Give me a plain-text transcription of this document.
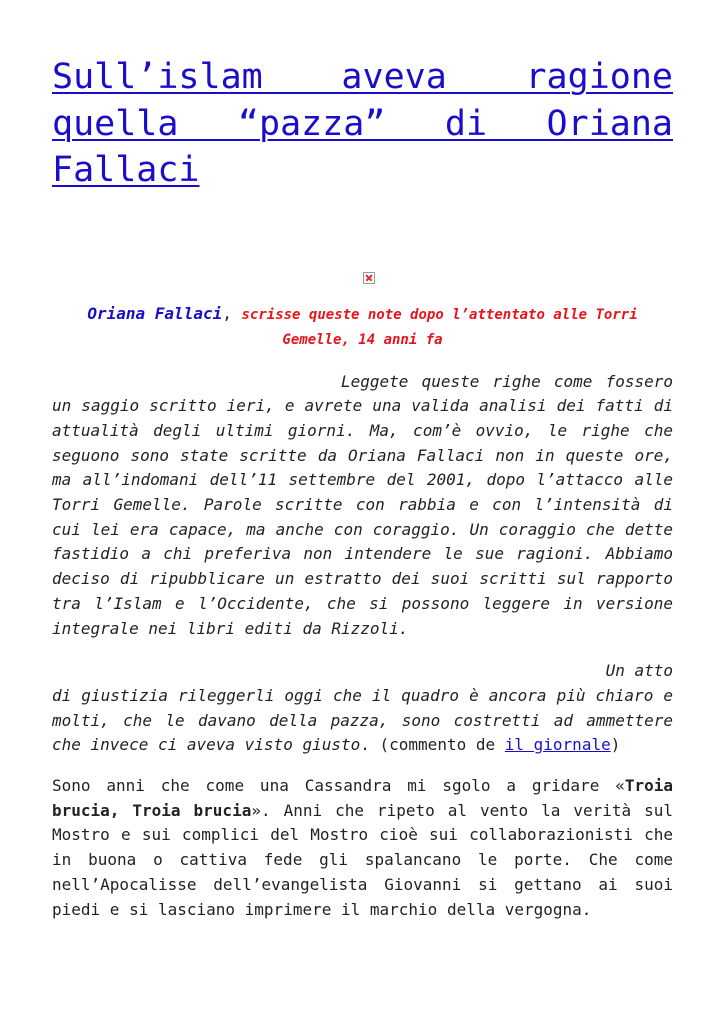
Sull’islam aveva ragione quella “pazza” di Oriana Fallaci
Oriana Fallaci, scrisse queste note dopo l’attentato alle Torri Gemelle, 14 anni fa

Leggete queste righe come fossero un saggio scritto ieri, e avrete una valida analisi dei fatti di attualità degli ultimi giorni. Ma, com’è ovvio, le righe che seguono sono state scritte da Oriana Fallaci non in queste ore, ma all’indomani dell’11 settembre del 2001, dopo l’attacco alle Torri Gemelle. Parole scritte con rabbia e con l’intensità di cui lei era capace, ma anche con coraggio. Un coraggio che dette fastidio a chi preferiva non intendere le sue ragioni. Abbiamo deciso di ripubblicare un estratto dei suoi scritti sul rapporto tra l’Islam e l’Occidente, che si possono leggere in versione integrale nei libri editi da Rizzoli.

Un atto
di giustizia rileggerli oggi che il quadro è ancora più chiaro e molti, che le davano della pazza, sono costretti ad ammettere che invece ci aveva visto giusto. (commento de il giornale)

Sono anni che come una Cassandra mi sgolo a gridare «Troia brucia, Troia brucia». Anni che ripeto al vento la verità sul Mostro e sui complici del Mostro cioè sui collaborazionisti che in buona o cattiva fede gli spalancano le porte. Che come nell’Apocalisse dell’evangelista Giovanni si gettano ai suoi piedi e si lasciano imprimere il marchio della vergogna.
